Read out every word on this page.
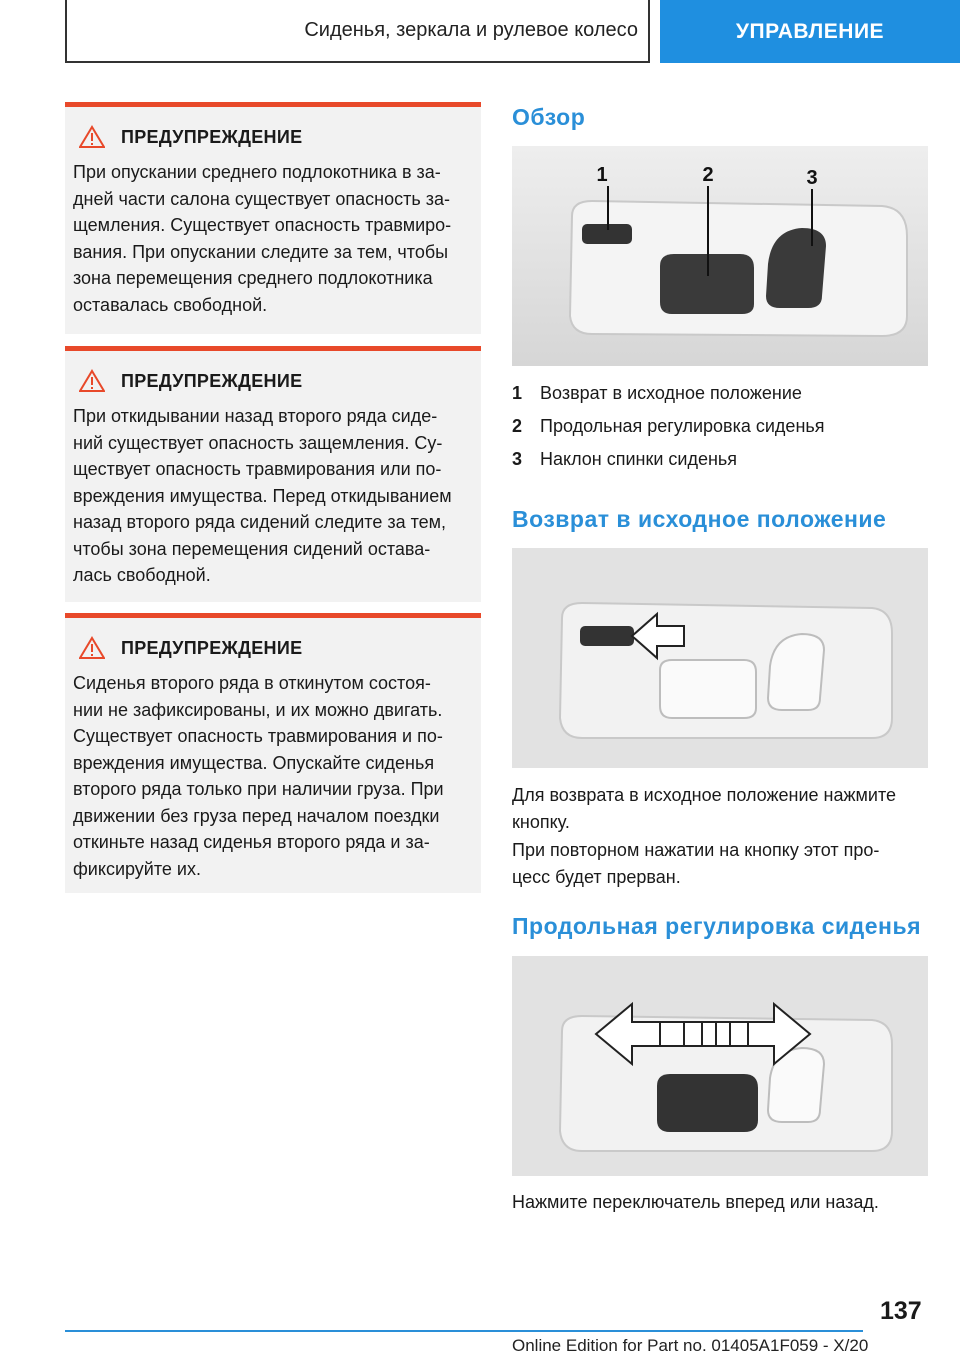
Сиденья, зеркала и рулевое колесо	УПРАВЛЕНИЕ
ПРЕДУПРЕЖДЕНИЕ
При опускании среднего подлокотника в за-
дней части салона существует опасность за-
щемления. Существует опасность травмиро-
вания. При опускании следите за тем, чтобы
зона перемещения среднего подлокотника
оставалась свободной.
ПРЕДУПРЕЖДЕНИЕ
При откидывании назад второго ряда сиде-
ний существует опасность защемления. Су-
ществует опасность травмирования или по-
вреждения имущества. Перед откидыванием
назад второго ряда сидений следите за тем,
чтобы зона перемещения сидений остава-
лась свободной.
ПРЕДУПРЕЖДЕНИЕ
Сиденья второго ряда в откинутом состоя-
нии не зафиксированы, и их можно двигать.
Существует опасность травмирования и по-
вреждения имущества. Опускайте сиденья
второго ряда только при наличии груза. При
движении без груза перед началом поездки
откиньте назад сиденья второго ряда и за-
фиксируйте их.
Обзор
1	2	3
1 Возврат в исходное положение
2 Продольная регулировка сиденья
3 Наклон спинки сиденья
Возврат в исходное положение
Для возврата в исходное положение нажмите
кнопку.
При повторном нажатии на кнопку этот про-
цесс будет прерван.
Продольная регулировка сиденья
Нажмите переключатель вперед или назад.
137
Online Edition for Part no. 01405A1F059 - X/20
